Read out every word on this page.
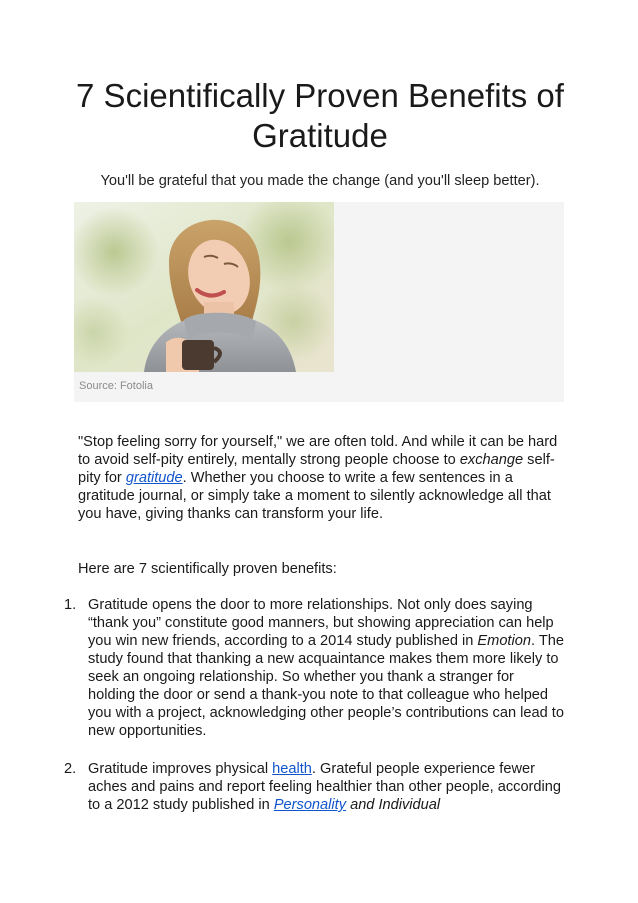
7 Scientifically Proven Benefits of Gratitude

You'll be grateful that you made the change (and you'll sleep better).

Source: Fotolia

"Stop feeling sorry for yourself," we are often told. And while it can be hard to avoid self-pity entirely, mentally strong people choose to exchange self-pity for gratitude. Whether you choose to write a few sentences in a gratitude journal, or simply take a moment to silently acknowledge all that you have, giving thanks can transform your life.

Here are 7 scientifically proven benefits:

1. Gratitude opens the door to more relationships. Not only does saying “thank you” constitute good manners, but showing appreciation can help you win new friends, according to a 2014 study published in Emotion. The study found that thanking a new acquaintance makes them more likely to seek an ongoing relationship. So whether you thank a stranger for holding the door or send a thank-you note to that colleague who helped you with a project, acknowledging other people’s contributions can lead to new opportunities.
2. Gratitude improves physical health. Grateful people experience fewer aches and pains and report feeling healthier than other people, according to a 2012 study published in Personality and Individual
